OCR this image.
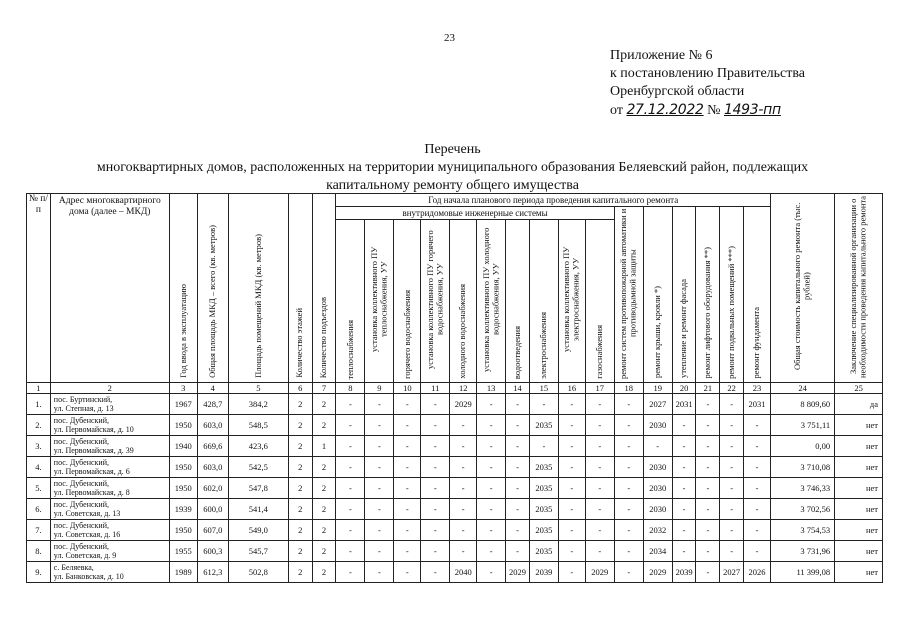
23
Приложение № 6
к постановлению Правительства
Оренбургской области
от 27.12.2022 № 1493-пп
Перечень
многоквартирных домов, расположенных на территории муниципального образования Беляевский район, подлежащих
капитальному ремонту общего имущества
№ п/п	Адрес многоквартирного дома (далее – МКД)	Год ввода в эксплуатацию	Общая площадь МКД – всего (кв. метров)	Площадь помещений МКД (кв. метров)	Количество этажей	Количество подъездов	Год начала планового периода проведения капитального ремонта																Общая стоимость капитального ремонта (тыс. рублей)	Заключение специализированной организации о необходимости проведения капитального ремонта

							внутридомовые инженерные системы										ремонт систем противопожарной автоматики и противодымной защиты	ремонт крыши, кровли *)	утепление и ремонт фасада	ремонт лифтового оборудования **)	ремонт подвальных помещений ***)	ремонт фундамента		

							теплоснабжения	установка коллективного ПУ теплоснабжения, УУ	горячего водоснабжения	установка коллективного ПУ горячего водоснабжения, УУ	холодного водоснабжения	установка коллективного ПУ холодного водоснабжения, УУ	водоотведения	электроснабжения	установка коллективного ПУ электроснабжения, УУ	газоснабжения								

1	2	3	4	5	6	7	8	9	10	11	12	13	14	15	16	17	18	19	20	21	22	23	24	25
1.	пос. Буртинский,
ул. Степная, д. 13	1967	428,7	384,2	2	2	-	-	-	-	2029	-	-	-	-	-	-	2027	2031	-	-	2031	8 809,60	да
2.	пос. Дубенский,
ул. Первомайская, д. 10	1950	603,0	548,5	2	2	-	-	-	-	-	-	-	2035	-	-	-	2030	-	-	-	-	3 751,11	нет
3.	пос. Дубенский,
ул. Первомайская, д. 39	1940	669,6	423,6	2	1	-	-	-	-	-	-	-	-	-	-	-	-	-	-	-	-	0,00	нет
4.	пос. Дубенский,
ул. Первомайская, д. 6	1950	603,0	542,5	2	2	-	-	-	-	-	-	-	2035	-	-	-	2030	-	-	-	-	3 710,08	нет
5.	пос. Дубенский,
ул. Первомайская, д. 8	1950	602,0	547,8	2	2	-	-	-	-	-	-	-	2035	-	-	-	2030	-	-	-	-	3 746,33	нет
6.	пос. Дубенский,
ул. Советская, д. 13	1939	600,0	541,4	2	2	-	-	-	-	-	-	-	2035	-	-	-	2030	-	-	-	-	3 702,56	нет
7.	пос. Дубенский,
ул. Советская, д. 16	1950	607,0	549,0	2	2	-	-	-	-	-	-	-	2035	-	-	-	2032	-	-	-	-	3 754,53	нет
8.	пос. Дубенский,
ул. Советская, д. 9	1955	600,3	545,7	2	2	-	-	-	-	-	-	-	2035	-	-	-	2034	-	-	-	-	3 731,96	нет
9.	с. Беляевка,
ул. Банковская, д. 10	1989	612,3	502,8	2	2	-	-	-	-	2040	-	2029	2039	-	2029	-	2029	2039	-	2027	2026	11 399,08	нет
